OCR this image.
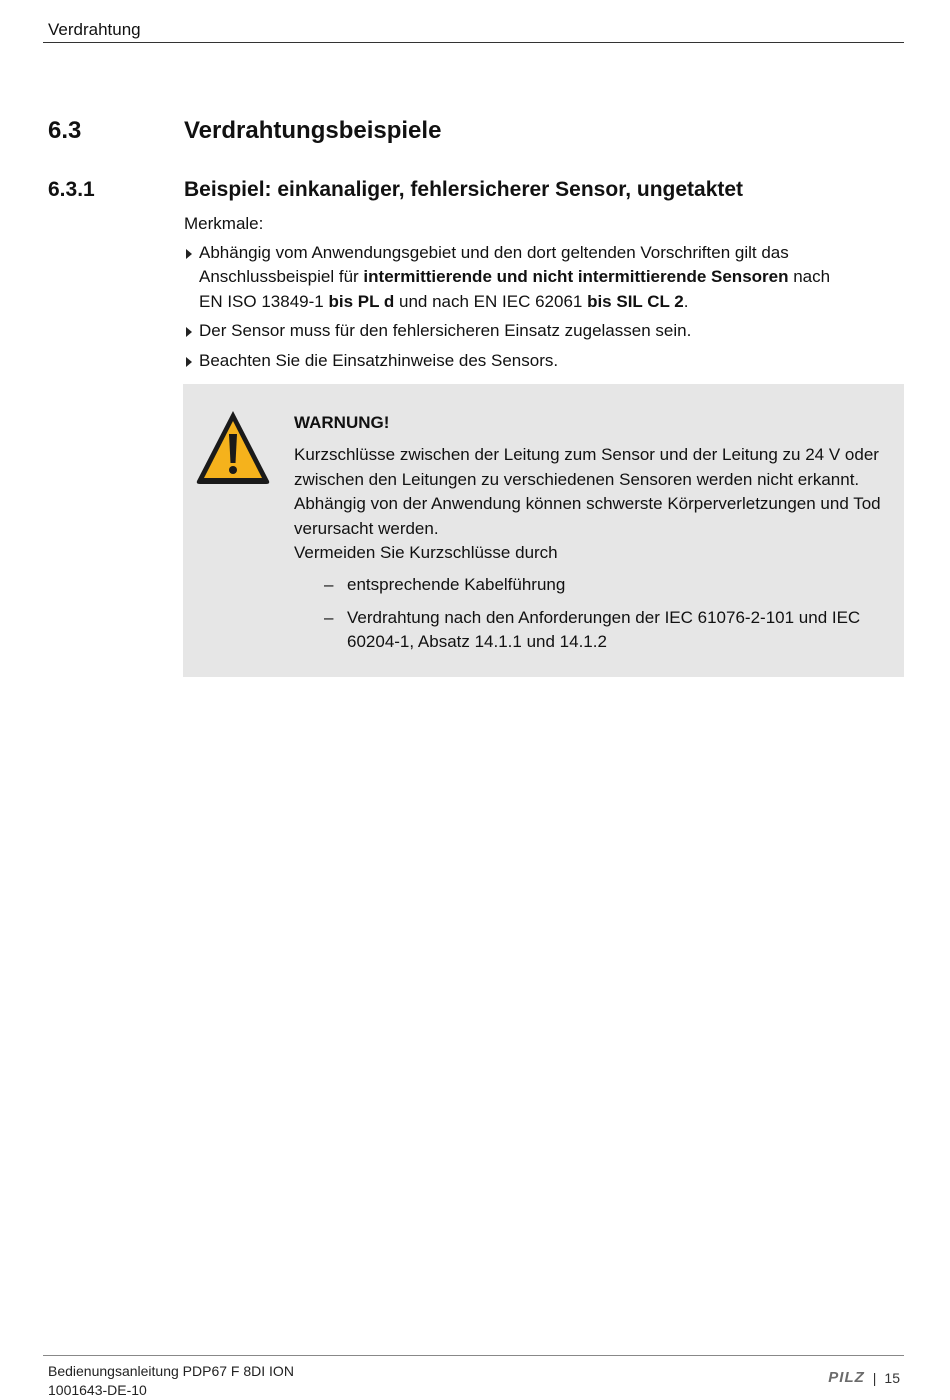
Verdrahtung
6.3	Verdrahtungsbeispiele
6.3.1	Beispiel: einkanaliger, fehlersicherer Sensor, ungetaktet
Merkmale:
Abhängig vom Anwendungsgebiet und den dort geltenden Vorschriften gilt das Anschlussbeispiel für intermittierende und nicht intermittierende Sensoren nach EN ISO 13849-1 bis PL d und nach EN IEC 62061 bis SIL CL 2.
Der Sensor muss für den fehlersicheren Einsatz zugelassen sein.
Beachten Sie die Einsatzhinweise des Sensors.
WARNUNG!
Kurzschlüsse zwischen der Leitung zum Sensor und der Leitung zu 24 V oder zwischen den Leitungen zu verschiedenen Sensoren werden nicht erkannt. Abhängig von der Anwendung können schwerste Körperverletzungen und Tod verursacht werden.
Vermeiden Sie Kurzschlüsse durch
– entsprechende Kabelführung
– Verdrahtung nach den Anforderungen der IEC 61076-2-101 und IEC 60204-1, Absatz 14.1.1 und 14.1.2
Bedienungsanleitung PDP67 F 8DI ION
1001643-DE-10
PILZ | 15
